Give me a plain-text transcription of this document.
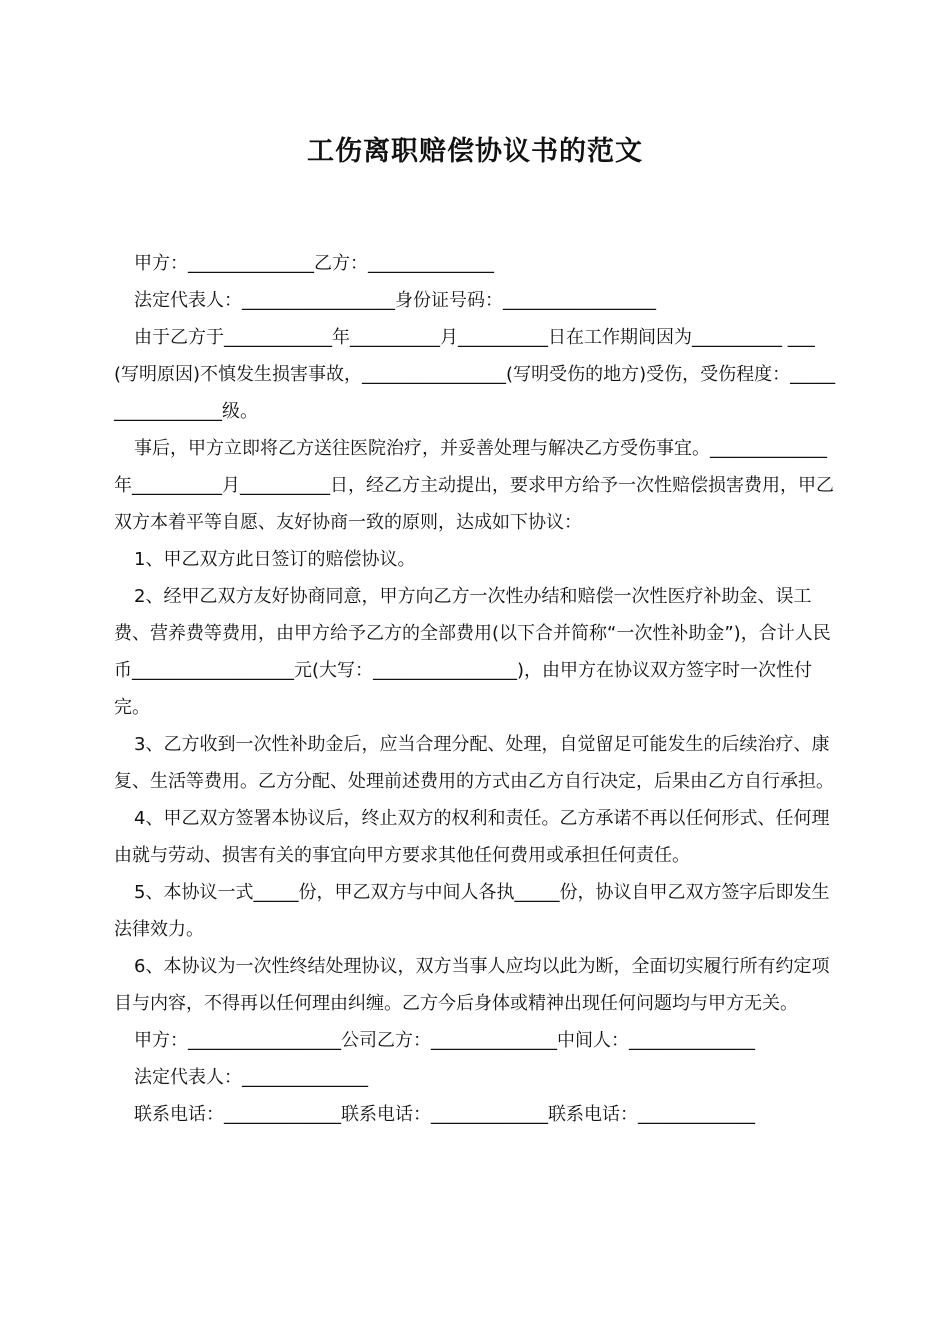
工伤离职赔偿协议书的范文

甲方：______________乙方：______________

法定代表人：_________________身份证号码：_________________

由于乙方于____________年__________月__________日在工作期间因为__________ ___(写明原因)不慎发生损害事故，________________(写明受伤的地方)受伤，受伤程度：_________________级。

事后，甲方立即将乙方送往医院治疗，并妥善处理与解决乙方受伤事宜。_____________年__________月__________日，经乙方主动提出，要求甲方给予一次性赔偿损害费用，甲乙双方本着平等自愿、友好协商一致的原则，达成如下协议：

1、甲乙双方此日签订的赔偿协议。

2、经甲乙双方友好协商同意，甲方向乙方一次性办结和赔偿一次性医疗补助金、误工费、营养费等费用，由甲方给予乙方的全部费用(以下合并简称“一次性补助金”)，合计人民币__________________元(大写：________________)，由甲方在协议双方签字时一次性付完。

3、乙方收到一次性补助金后，应当合理分配、处理，自觉留足可能发生的后续治疗、康复、生活等费用。乙方分配、处理前述费用的方式由乙方自行决定，后果由乙方自行承担。

4、甲乙双方签署本协议后，终止双方的权利和责任。乙方承诺不再以任何形式、任何理由就与劳动、损害有关的事宜向甲方要求其他任何费用或承担任何责任。

5、本协议一式_____份，甲乙双方与中间人各执_____份，协议自甲乙双方签字后即发生法律效力。

6、本协议为一次性终结处理协议，双方当事人应均以此为断，全面切实履行所有约定项目与内容，不得再以任何理由纠缠。乙方今后身体或精神出现任何问题均与甲方无关。

甲方：_________________公司乙方：______________中间人：______________

法定代表人：______________

联系电话：_____________联系电话：_____________联系电话：_____________
